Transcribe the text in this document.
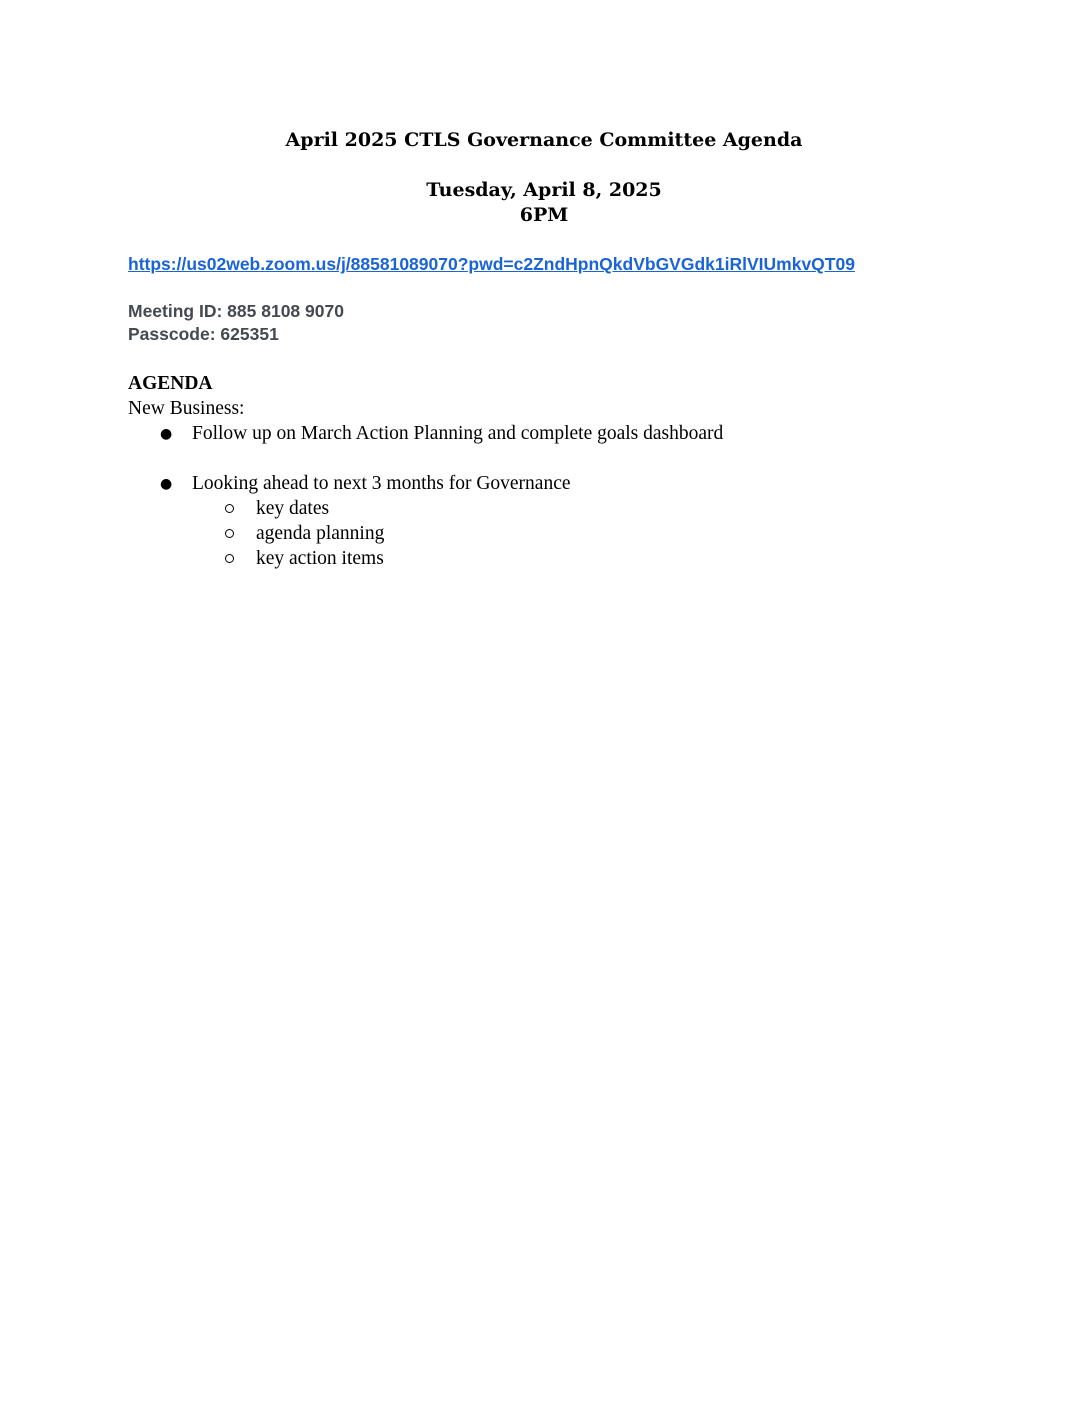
April 2025 CTLS Governance Committee Agenda
Tuesday, April 8, 2025
6PM
https://us02web.zoom.us/j/88581089070?pwd=c2ZndHpnQkdVbGVGdk1iRlVIUmkvQT09
Meeting ID: 885 8108 9070
Passcode: 625351
AGENDA
New Business:
● Follow up on March Action Planning and complete goals dashboard
● Looking ahead to next 3 months for Governance
key dates
agenda planning
key action items
